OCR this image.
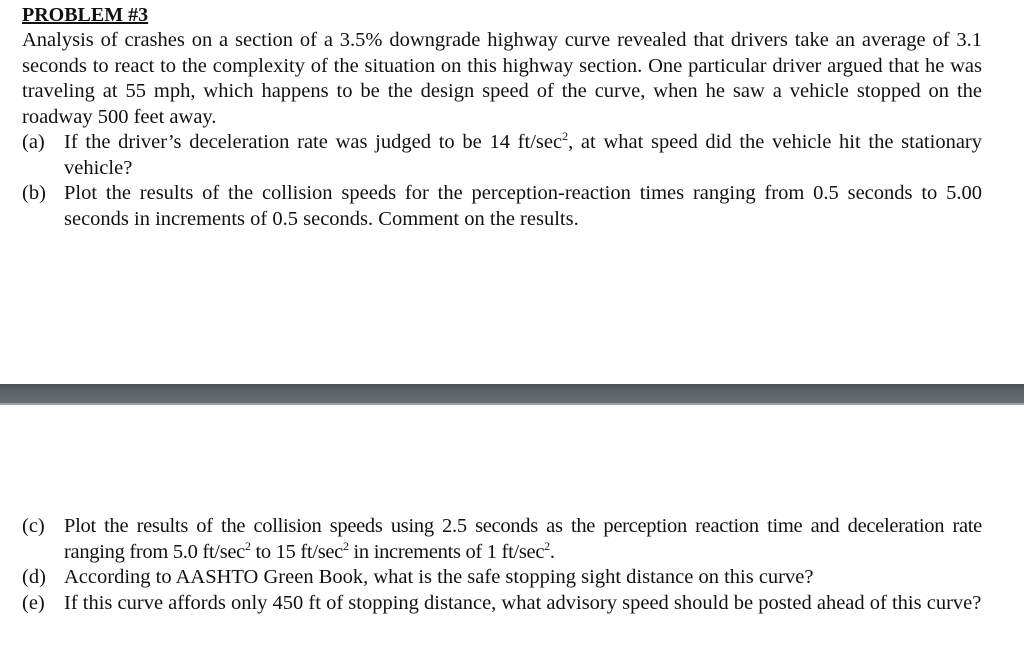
PROBLEM #3

Analysis of crashes on a section of a 3.5% downgrade highway curve revealed that drivers take an average of 3.1 seconds to react to the complexity of the situation on this highway section. One particular driver argued that he was traveling at 55 mph, which happens to be the design speed of the curve, when he saw a vehicle stopped on the roadway 500 feet away.

(a) If the driver’s deceleration rate was judged to be 14 $ft/\sec^2$, at what speed did the vehicle hit the stationary vehicle?
(b) Plot the results of the collision speeds for the perception-reaction times ranging from 0.5 seconds to 5.00 seconds in increments of 0.5 seconds. Comment on the results.
(c) Plot the results of the collision speeds using 2.5 seconds as the perception reaction time and deceleration rate ranging from 5.0 $ft/\sec^2$ to 15 $ft/\sec^2$ in increments of 1 $ft/\sec^2$.
(d) According to AASHTO Green Book, what is the safe stopping sight distance on this curve?
(e) If this curve affords only 450 ft of stopping distance, what advisory speed should be posted ahead of this curve?
